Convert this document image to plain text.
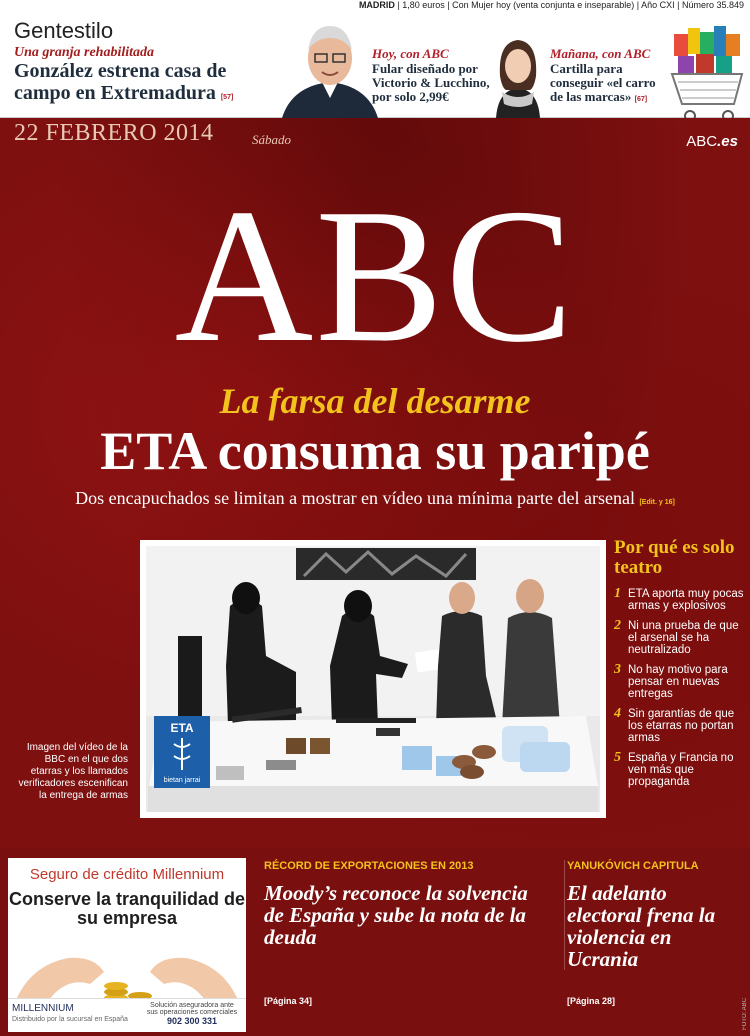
MADRID | 1,80 euros | Con Mujer hoy (venta conjunta e inseparable) | Año CXI | Número 35.849
Gentestilo
Una granja rehabilitada
González estrena casa de campo en Extremadura [57]
Hoy, con ABC
Fular diseñado por Victorio & Lucchino, por solo 2,99€
Mañana, con ABC
Cartilla para conseguir «el carro de las marcas» [67]
22 FEBRERO 2014	Sábado	ABC.es
ABC
La farsa del desarme
ETA consuma su paripé
Dos encapuchados se limitan a mostrar en vídeo una mínima parte del arsenal [Edit. y 16]
ETA
bietan jarrai
Imagen del vídeo de la BBC en el que dos etarras y los llamados verificadores escenifican la entrega de armas
Por qué es solo teatro
1 ETA aporta muy pocas armas y explosivos
2 Ni una prueba de que el arsenal se ha neutralizado
3 No hay motivo para pensar en nuevas entregas
4 Sin garantías de que los etarras no portan armas
5 España y Francia no ven más que propaganda
Seguro de crédito Millennium
Conserve la tranquilidad de su empresa
MILLENNIUM
Distribuido por la sucursal en España
Solución aseguradora ante sus operaciones comerciales
902 300 331
RÉCORD DE EXPORTACIONES EN 2013
Moody’s reconoce la solvencia de España y sube la nota de la deuda
[Página 34]
YANUKÓVICH CAPITULA
El adelanto electoral frena la violencia en Ucrania
[Página 28]	FOTO: ABC
